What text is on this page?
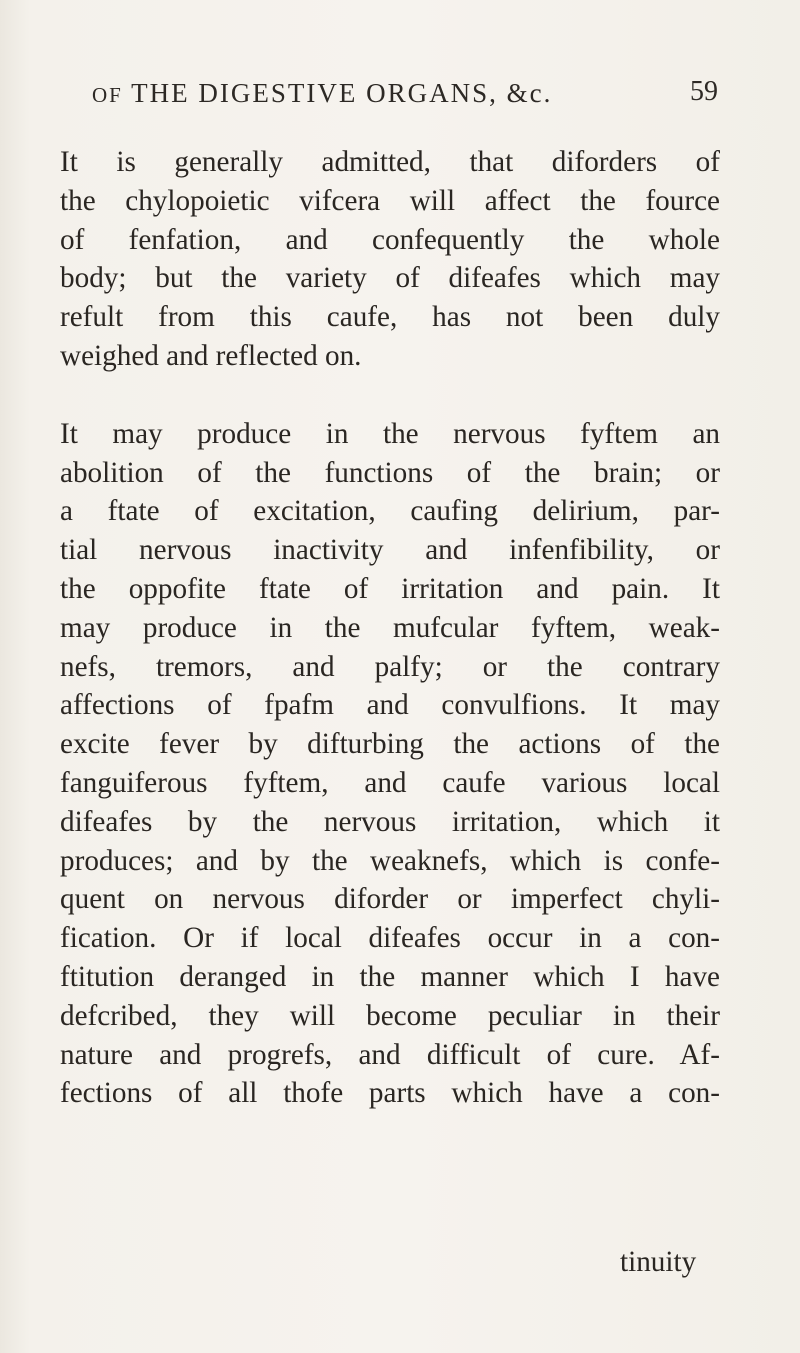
OF THE DIGESTIVE ORGANS, &c.	59

It is generally admitted, that diforders of
the chylopoietic vifcera will affect the fource
of fenfation, and confequently the whole
body; but the variety of difeafes which may
refult from this caufe, has not been duly
weighed and reflected on.

It may produce in the nervous fyftem an
abolition of the functions of the brain; or
a ftate of excitation, caufing delirium, par-
tial nervous inactivity and infenfibility, or
the oppofite ftate of irritation and pain. It
may produce in the mufcular fyftem, weak-
nefs, tremors, and palfy; or the contrary
affections of fpafm and convulfions. It may
excite fever by difturbing the actions of the
fanguiferous fyftem, and caufe various local
difeafes by the nervous irritation, which it
produces; and by the weaknefs, which is confe-
quent on nervous diforder or imperfect chyli-
fication. Or if local difeafes occur in a con-
ftitution deranged in the manner which I have
defcribed, they will become peculiar in their
nature and progrefs, and difficult of cure. Af-
fections of all thofe parts which have a con-

tinuity
